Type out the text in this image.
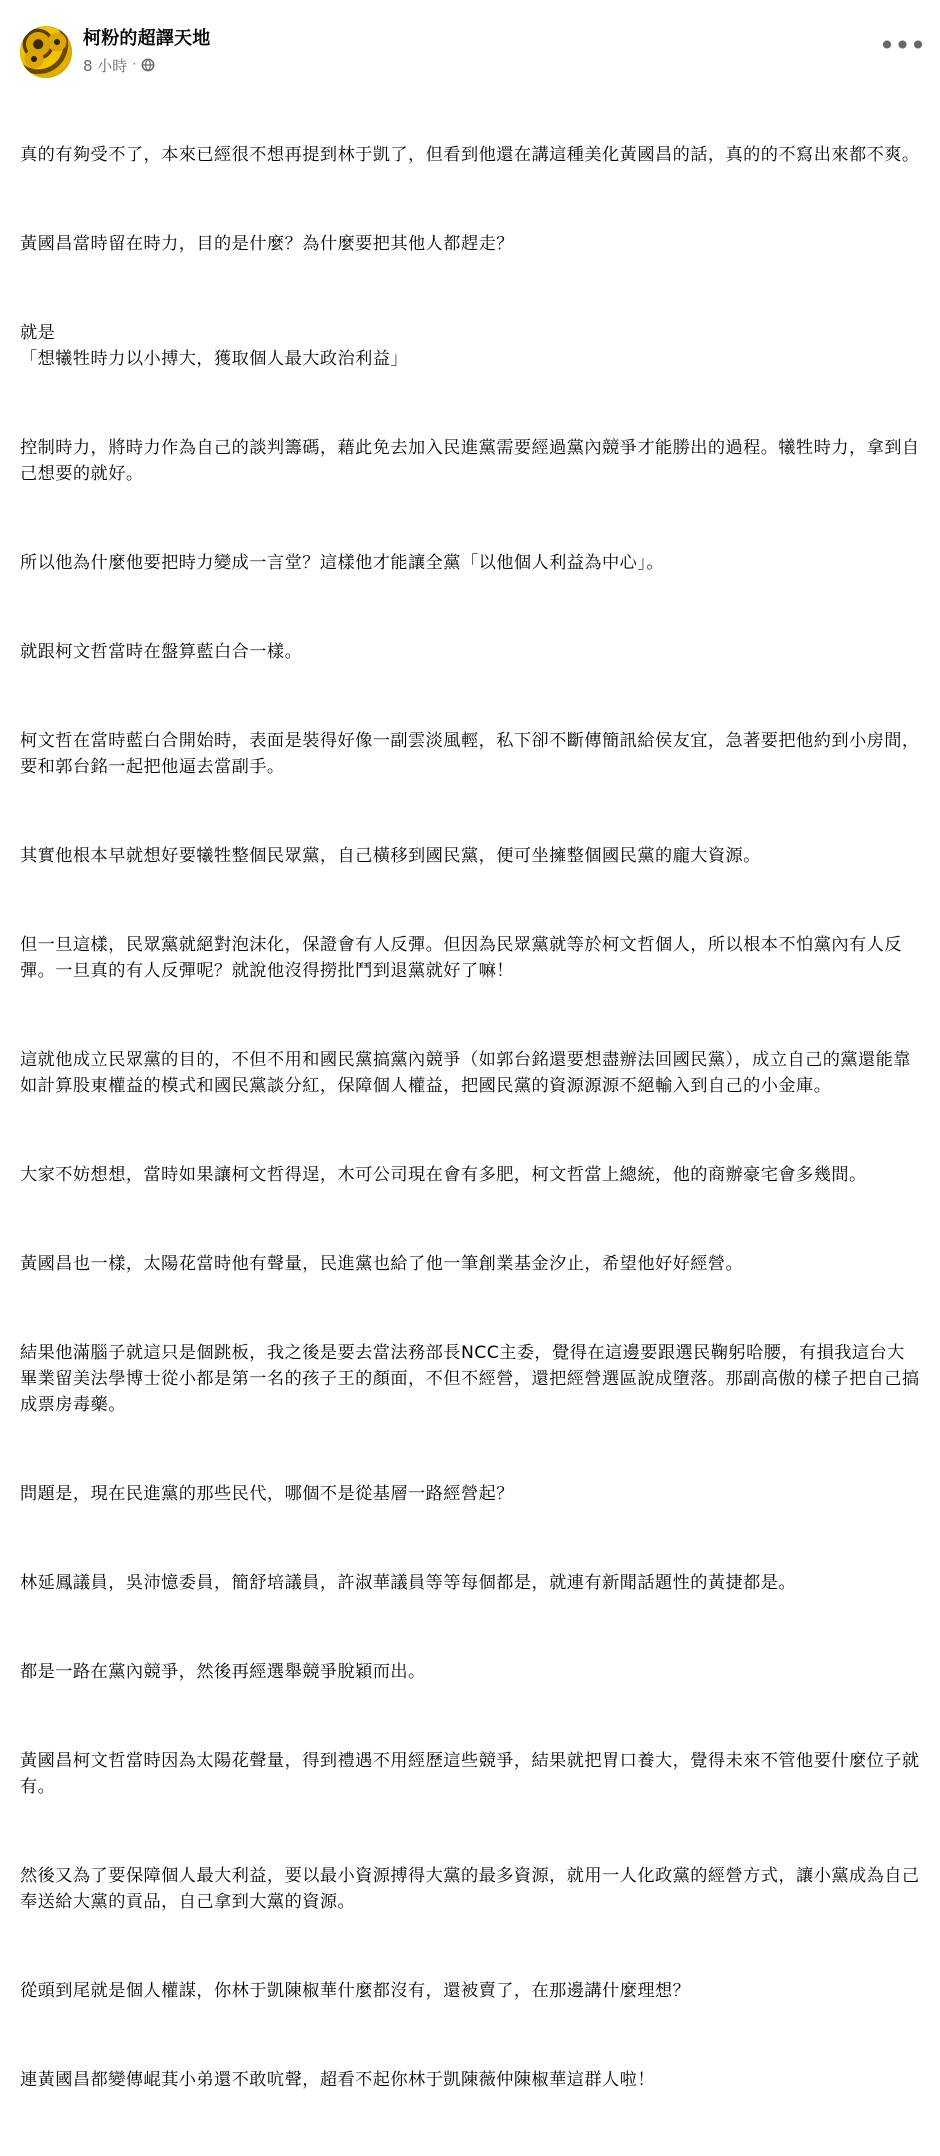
柯粉的超譯天地
8 小時 ·
•••

真的有夠受不了，本來已經很不想再提到林于凱了，但看到他還在講這種美化黃國昌的話，真的的不寫出來都不爽。

黃國昌當時留在時力，目的是什麼？為什麼要把其他人都趕走？

就是
「想犧牲時力以小搏大，獲取個人最大政治利益」

控制時力，將時力作為自己的談判籌碼，藉此免去加入民進黨需要經過黨內競爭才能勝出的過程。犧牲時力，拿到自己想要的就好。

所以他為什麼他要把時力變成一言堂？這樣他才能讓全黨「以他個人利益為中心」。

就跟柯文哲當時在盤算藍白合一樣。

柯文哲在當時藍白合開始時，表面是裝得好像一副雲淡風輕，私下卻不斷傳簡訊給侯友宜，急著要把他約到小房間，要和郭台銘一起把他逼去當副手。

其實他根本早就想好要犧牲整個民眾黨，自己橫移到國民黨，便可坐擁整個國民黨的龐大資源。

但一旦這樣，民眾黨就絕對泡沫化，保證會有人反彈。但因為民眾黨就等於柯文哲個人，所以根本不怕黨內有人反彈。一旦真的有人反彈呢？就說他沒得撈批鬥到退黨就好了嘛！

這就他成立民眾黨的目的，不但不用和國民黨搞黨內競爭（如郭台銘還要想盡辦法回國民黨），成立自己的黨還能靠如計算股東權益的模式和國民黨談分紅，保障個人權益，把國民黨的資源源源不絕輸入到自己的小金庫。

大家不妨想想，當時如果讓柯文哲得逞，木可公司現在會有多肥，柯文哲當上總統，他的商辦豪宅會多幾間。

黃國昌也一樣，太陽花當時他有聲量，民進黨也給了他一筆創業基金汐止，希望他好好經營。

結果他滿腦子就這只是個跳板，我之後是要去當法務部長NCC主委，覺得在這邊要跟選民鞠躬哈腰，有損我這台大畢業留美法學博士從小都是第一名的孩子王的顏面，不但不經營，還把經營選區說成墮落。那副高傲的樣子把自己搞成票房毒藥。

問題是，現在民進黨的那些民代，哪個不是從基層一路經營起？

林延鳳議員，吳沛憶委員，簡舒培議員，許淑華議員等等每個都是，就連有新聞話題性的黃捷都是。

都是一路在黨內競爭，然後再經選舉競爭脫穎而出。

黃國昌柯文哲當時因為太陽花聲量，得到禮遇不用經歷這些競爭，結果就把胃口養大，覺得未來不管他要什麼位子就有。

然後又為了要保障個人最大利益，要以最小資源搏得大黨的最多資源，就用一人化政黨的經營方式，讓小黨成為自己奉送給大黨的貢品，自己拿到大黨的資源。

從頭到尾就是個人權謀，你林于凱陳椒華什麼都沒有，還被賣了，在那邊講什麼理想？

連黃國昌都變傳崐萁小弟還不敢吭聲，超看不起你林于凱陳薇仲陳椒華這群人啦！
